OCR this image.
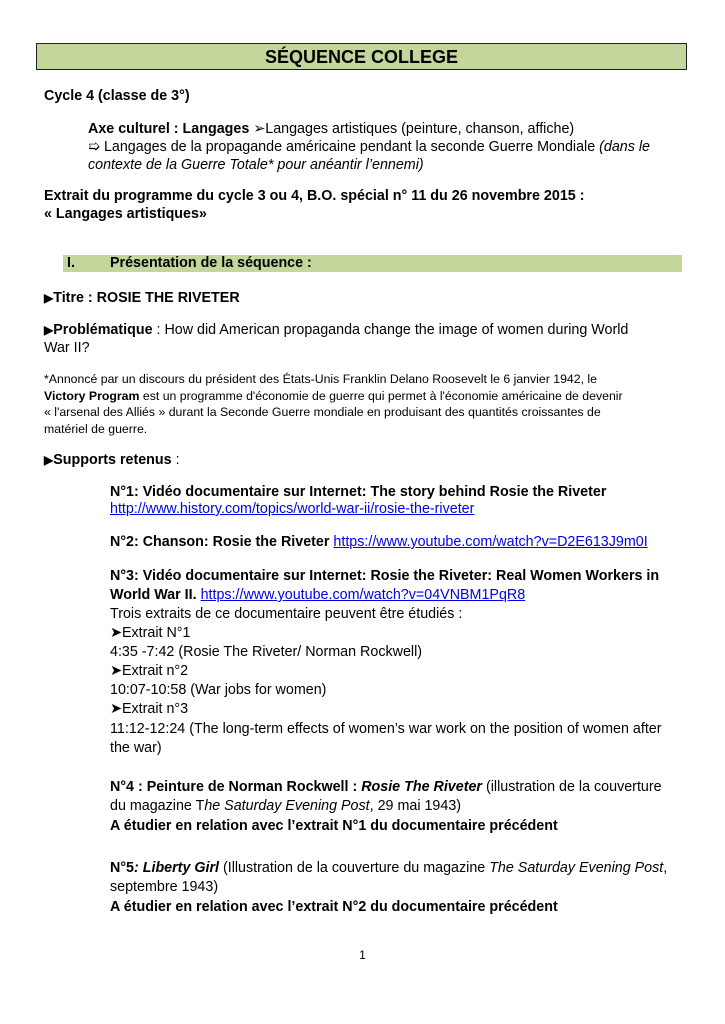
SÉQUENCE COLLEGE
Cycle 4 (classe de 3°)
Axe culturel : Langages ➢Langages artistiques (peinture, chanson, affiche)
➯ Langages de la propagande américaine pendant la seconde Guerre Mondiale (dans le
contexte de la Guerre Totale* pour anéantir l’ennemi)
Extrait du programme du cycle 3 ou 4, B.O. spécial n° 11 du 26 novembre 2015 :
« Langages artistiques»
I. Présentation de la séquence :
▶Titre : ROSIE THE RIVETER
▶Problématique : How did American propaganda change the image of women during World
War II?
*Annoncé par un discours du président des États-Unis Franklin Delano Roosevelt le 6 janvier 1942, le
Victory Program est un programme d'économie de guerre qui permet à l'économie américaine de devenir
« l'arsenal des Alliés » durant la Seconde Guerre mondiale en produisant des quantités croissantes de
matériel de guerre.
▶Supports retenus :
N°1: Vidéo documentaire sur Internet: The story behind Rosie the Riveter
http://www.history.com/topics/world-war-ii/rosie-the-riveter
N°2: Chanson: Rosie the Riveter https://www.youtube.com/watch?v=D2E613J9m0I
N°3: Vidéo documentaire sur Internet: Rosie the Riveter: Real Women Workers in
World War II. https://www.youtube.com/watch?v=04VNBM1PqR8
Trois extraits de ce documentaire peuvent être étudiés :
➤Extrait N°1
4:35 -7:42 (Rosie The Riveter/ Norman Rockwell)
➤Extrait n°2
10:07-10:58 (War jobs for women)
➤Extrait n°3
11:12-12:24 (The long-term effects of women’s war work on the position of women after
the war)
N°4 : Peinture de Norman Rockwell : Rosie The Riveter (illustration de la couverture
du magazine The Saturday Evening Post, 29 mai 1943)
A étudier en relation avec l’extrait N°1 du documentaire précédent
N°5: Liberty Girl (Illustration de la couverture du magazine The Saturday Evening Post,
septembre 1943)
A étudier en relation avec l’extrait N°2 du documentaire précédent
1
